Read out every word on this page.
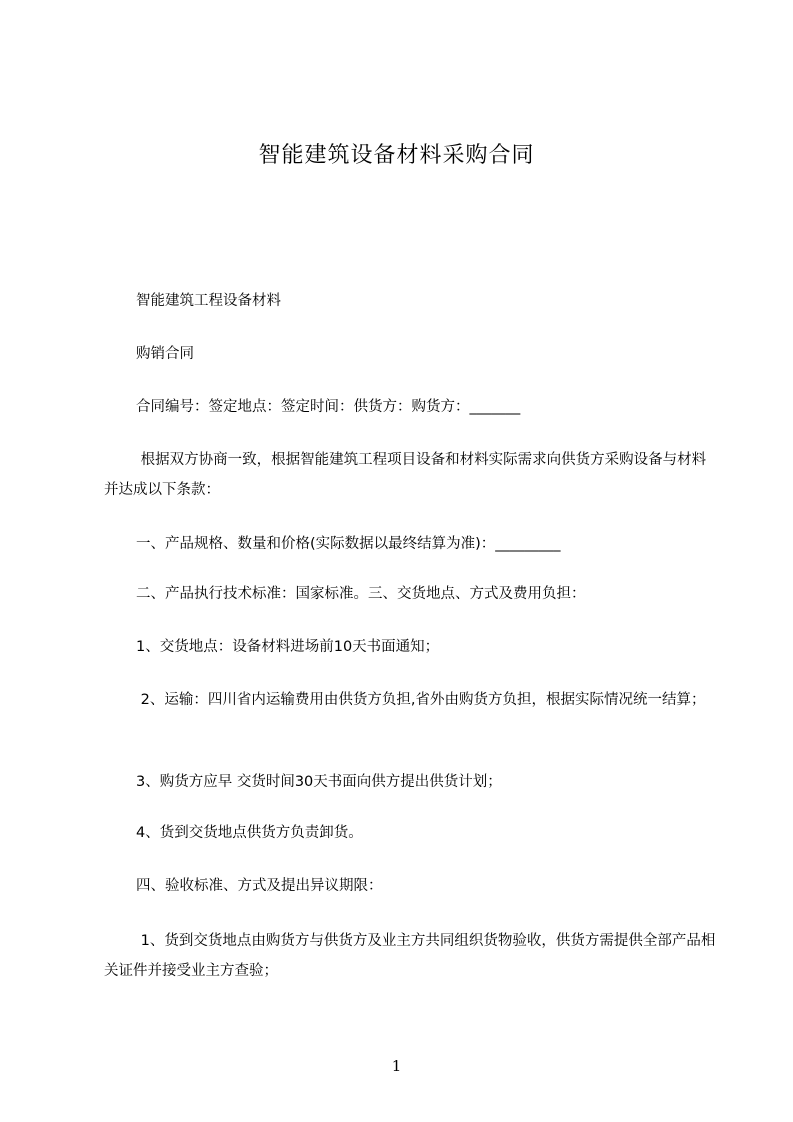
智能建筑设备材料采购合同
智能建筑工程设备材料
购销合同
合同编号：签定地点：签定时间：供货方：购货方：_______
根据双方协商一致，根据智能建筑工程项目设备和材料实际需求向供货方采购设备与材料并达成以下条款：
一、产品规格、数量和价格(实际数据以最终结算为准)：_________
二、产品执行技术标准：国家标准。三、交货地点、方式及费用负担：
1、交货地点：设备材料进场前10天书面通知；
2、运输：四川省内运输费用由供货方负担,省外由购货方负担，根据实际情况统一结算；
3、购货方应早 交货时间30天书面向供方提出供货计划；
4、货到交货地点供货方负责卸货。
四、验收标准、方式及提出异议期限：
1、货到交货地点由购货方与供货方及业主方共同组织货物验收，供货方需提供全部产品相关证件并接受业主方查验；
1
